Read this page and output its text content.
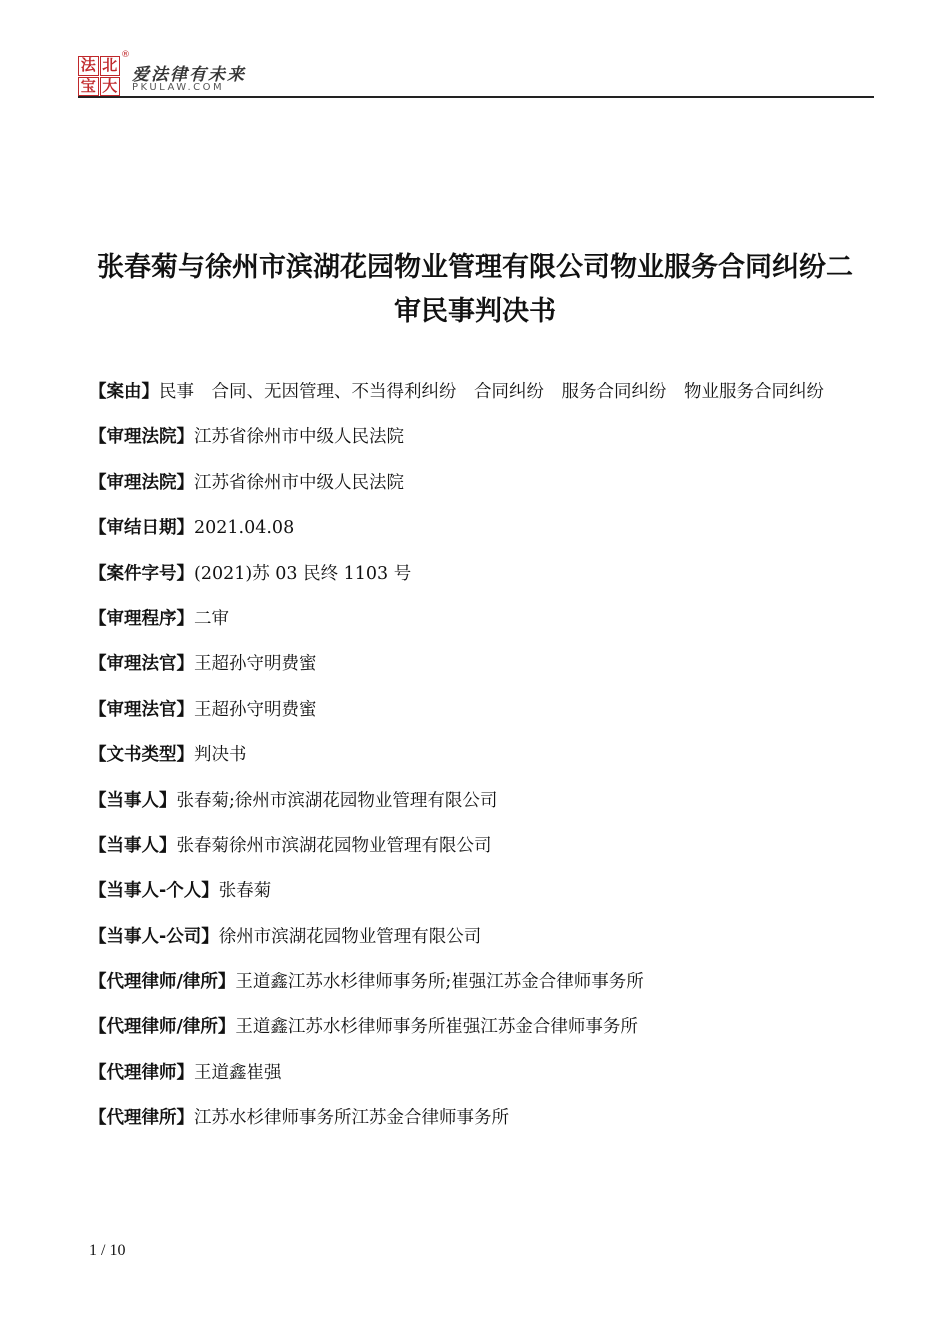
法 北
宝 大
®
爱法律有未来
PKULAW.COM
张春菊与徐州市滨湖花园物业管理有限公司物业服务合同纠纷二审民事判决书
【案由】民事　合同、无因管理、不当得利纠纷　合同纠纷　服务合同纠纷　物业服务合同纠纷
【审理法院】江苏省徐州市中级人民法院
【审理法院】江苏省徐州市中级人民法院
【审结日期】2021.04.08
【案件字号】(2021)苏 03 民终 1103 号
【审理程序】二审
【审理法官】王超孙守明费蜜
【审理法官】王超孙守明费蜜
【文书类型】判决书
【当事人】张春菊;徐州市滨湖花园物业管理有限公司
【当事人】张春菊徐州市滨湖花园物业管理有限公司
【当事人-个人】张春菊
【当事人-公司】徐州市滨湖花园物业管理有限公司
【代理律师/律所】王道鑫江苏水杉律师事务所;崔强江苏金合律师事务所
【代理律师/律所】王道鑫江苏水杉律师事务所崔强江苏金合律师事务所
【代理律师】王道鑫崔强
【代理律所】江苏水杉律师事务所江苏金合律师事务所
1 / 10
